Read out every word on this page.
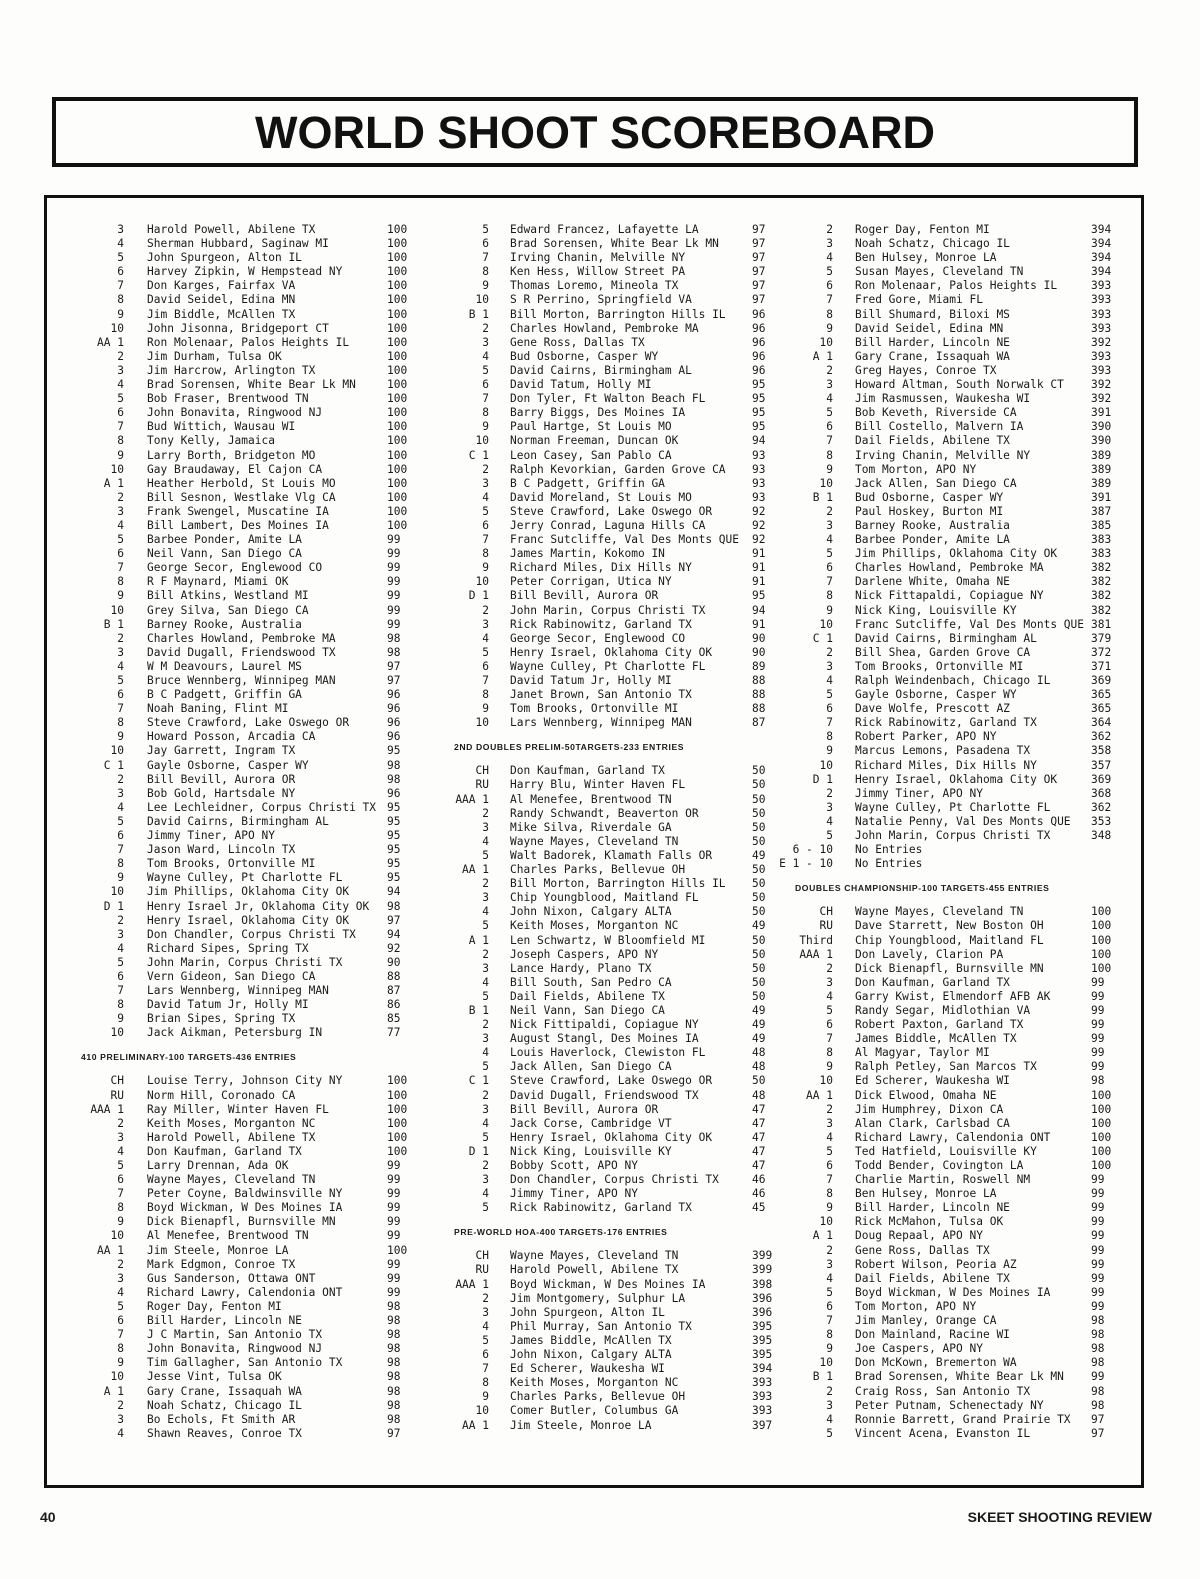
WORLD SHOOT SCOREBOARD
3 Harold Powell, Abilene TX	100
4 Sherman Hubbard, Saginaw MI	100
5 John Spurgeon, Alton IL	100
6 Harvey Zipkin, W Hempstead NY	100
7 Don Karges, Fairfax VA	100
8 David Seidel, Edina MN	100
9 Jim Biddle, McAllen TX	100
10 John Jisonna, Bridgeport CT	100
AA 1 Ron Molenaar, Palos Heights IL	100
2 Jim Durham, Tulsa OK	100
3 Jim Harcrow, Arlington TX	100
4 Brad Sorensen, White Bear Lk MN	100
5 Bob Fraser, Brentwood TN	100
6 John Bonavita, Ringwood NJ	100
7 Bud Wittich, Wausau WI	100
8 Tony Kelly, Jamaica	100
9 Larry Borth, Bridgeton MO	100
10 Gay Braudaway, El Cajon CA	100
A 1 Heather Herbold, St Louis MO	100
2 Bill Sesnon, Westlake Vlg CA	100
3 Frank Swengel, Muscatine IA	100
4 Bill Lambert, Des Moines IA	100
5 Barbee Ponder, Amite LA	99
6 Neil Vann, San Diego CA	99
7 George Secor, Englewood CO	99
8 R F Maynard, Miami OK	99
9 Bill Atkins, Westland MI	99
10 Grey Silva, San Diego CA	99
B 1 Barney Rooke, Australia	99
2 Charles Howland, Pembroke MA	98
3 David Dugall, Friendswood TX	98
4 W M Deavours, Laurel MS	97
5 Bruce Wennberg, Winnipeg MAN	97
6 B C Padgett, Griffin GA	96
7 Noah Baning, Flint MI	96
8 Steve Crawford, Lake Oswego OR	96
9 Howard Posson, Arcadia CA	96
10 Jay Garrett, Ingram TX	95
C 1 Gayle Osborne, Casper WY	98
2 Bill Bevill, Aurora OR	98
3 Bob Gold, Hartsdale NY	96
4 Lee Lechleidner, Corpus Christi TX 95
5 David Cairns, Birmingham AL	95
6 Jimmy Tiner, APO NY	95
7 Jason Ward, Lincoln TX	95
8 Tom Brooks, Ortonville MI	95
9 Wayne Culley, Pt Charlotte FL	95
10 Jim Phillips, Oklahoma City OK	94
D 1 Henry Israel Jr, Oklahoma City OK 98
2 Henry Israel, Oklahoma City OK	97
3 Don Chandler, Corpus Christi TX	94
4 Richard Sipes, Spring TX	92
5 John Marin, Corpus Christi TX	90
6 Vern Gideon, San Diego CA	88
7 Lars Wennberg, Winnipeg MAN	87
8 David Tatum Jr, Holly MI	86
9 Brian Sipes, Spring TX	85
10 Jack Aikman, Petersburg IN	77
410 PRELIMINARY-100 TARGETS-436 ENTRIES
CH Louise Terry, Johnson City NY	100
RU Norm Hill, Coronado CA	100
AAA 1 Ray Miller, Winter Haven FL	100
2 Keith Moses, Morganton NC	100
3 Harold Powell, Abilene TX	100
4 Don Kaufman, Garland TX	100
5 Larry Drennan, Ada OK	99
6 Wayne Mayes, Cleveland TN	99
7 Peter Coyne, Baldwinsville NY	99
8 Boyd Wickman, W Des Moines IA	99
9 Dick Bienapfl, Burnsville MN	99
10 Al Menefee, Brentwood TN	99
AA 1 Jim Steele, Monroe LA	100
2 Mark Edgmon, Conroe TX	99
3 Gus Sanderson, Ottawa ONT	99
4 Richard Lawry, Calendonia ONT	99
5 Roger Day, Fenton MI	98
6 Bill Harder, Lincoln NE	98
7 J C Martin, San Antonio TX	98
8 John Bonavita, Ringwood NJ	98
9 Tim Gallagher, San Antonio TX	98
10 Jesse Vint, Tulsa OK	98
A 1 Gary Crane, Issaquah WA	98
2 Noah Schatz, Chicago IL	98
3 Bo Echols, Ft Smith AR	98
4 Shawn Reaves, Conroe TX	97
5 Edward Francez, Lafayette LA	97
6 Brad Sorensen, White Bear Lk MN	97
7 Irving Chanin, Melville NY	97
8 Ken Hess, Willow Street PA	97
9 Thomas Loremo, Mineola TX	97
10 S R Perrino, Springfield VA	97
B 1 Bill Morton, Barrington Hills IL 96
2 Charles Howland, Pembroke MA	96
3 Gene Ross, Dallas TX	96
4 Bud Osborne, Casper WY	96
5 David Cairns, Birmingham AL	96
6 David Tatum, Holly MI	95
7 Don Tyler, Ft Walton Beach FL	95
8 Barry Biggs, Des Moines IA	95
9 Paul Hartge, St Louis MO	95
10 Norman Freeman, Duncan OK	94
C 1 Leon Casey, San Pablo CA	93
2 Ralph Kevorkian, Garden Grove CA 93
3 B C Padgett, Griffin GA	93
4 David Moreland, St Louis MO	93
5 Steve Crawford, Lake Oswego OR	92
6 Jerry Conrad, Laguna Hills CA	92
7 Franc Sutcliffe, Val Des Monts QUE 92
8 James Martin, Kokomo IN	91
9 Richard Miles, Dix Hills NY	91
10 Peter Corrigan, Utica NY	91
D 1 Bill Bevill, Aurora OR	95
2 John Marin, Corpus Christi TX	94
3 Rick Rabinowitz, Garland TX	91
4 George Secor, Englewood CO	90
5 Henry Israel, Oklahoma City OK	90
6 Wayne Culley, Pt Charlotte FL	89
7 David Tatum Jr, Holly MI	88
8 Janet Brown, San Antonio TX	88
9 Tom Brooks, Ortonville MI	88
10 Lars Wennberg, Winnipeg MAN	87
2ND DOUBLES PRELIM-50TARGETS-233 ENTRIES
CH Don Kaufman, Garland TX	50
RU Harry Blu, Winter Haven FL	50
AAA 1 Al Menefee, Brentwood TN	50
2 Randy Schwandt, Beaverton OR	50
3 Mike Silva, Riverdale GA	50
4 Wayne Mayes, Cleveland TN	50
5 Walt Badorek, Klamath Falls OR	49
AA 1 Charles Parks, Bellevue OH	50
2 Bill Morton, Barrington Hills IL 50
3 Chip Youngblood, Maitland FL	50
4 John Nixon, Calgary ALTA	50
5 Keith Moses, Morganton NC	49
A 1 Len Schwartz, W Bloomfield MI	50
2 Joseph Caspers, APO NY	50
3 Lance Hardy, Plano TX	50
4 Bill South, San Pedro CA	50
5 Dail Fields, Abilene TX	50
B 1 Neil Vann, San Diego CA	49
2 Nick Fittipaldi, Copiague NY	49
3 August Stangl, Des Moines IA	49
4 Louis Haverlock, Clewiston FL	48
5 Jack Allen, San Diego CA	48
C 1 Steve Crawford, Lake Oswego OR	50
2 David Dugall, Friendswood TX	48
3 Bill Bevill, Aurora OR	47
4 Jack Corse, Cambridge VT	47
5 Henry Israel, Oklahoma City OK	47
D 1 Nick King, Louisville KY	47
2 Bobby Scott, APO NY	47
3 Don Chandler, Corpus Christi TX	46
4 Jimmy Tiner, APO NY	46
5 Rick Rabinowitz, Garland TX	45
PRE-WORLD HOA-400 TARGETS-176 ENTRIES
CH Wayne Mayes, Cleveland TN	399
RU Harold Powell, Abilene TX	399
AAA 1 Boyd Wickman, W Des Moines IA	398
2 Jim Montgomery, Sulphur LA	396
3 John Spurgeon, Alton IL	396
4 Phil Murray, San Antonio TX	395
5 James Biddle, McAllen TX	395
6 John Nixon, Calgary ALTA	395
7 Ed Scherer, Waukesha WI	394
8 Keith Moses, Morganton NC	393
9 Charles Parks, Bellevue OH	393
10 Comer Butler, Columbus GA	393
AA 1 Jim Steele, Monroe LA	397
2 Roger Day, Fenton MI	394
3 Noah Schatz, Chicago IL	394
4 Ben Hulsey, Monroe LA	394
5 Susan Mayes, Cleveland TN	394
6 Ron Molenaar, Palos Heights IL	393
7 Fred Gore, Miami FL	393
8 Bill Shumard, Biloxi MS	393
9 David Seidel, Edina MN	393
10 Bill Harder, Lincoln NE	392
A 1 Gary Crane, Issaquah WA	393
2 Greg Hayes, Conroe TX	393
3 Howard Altman, South Norwalk CT 392
4 Jim Rasmussen, Waukesha WI	392
5 Bob Keveth, Riverside CA	391
6 Bill Costello, Malvern IA	390
7 Dail Fields, Abilene TX	390
8 Irving Chanin, Melville NY	389
9 Tom Morton, APO NY	389
10 Jack Allen, San Diego CA	389
B 1 Bud Osborne, Casper WY	391
2 Paul Hoskey, Burton MI	387
3 Barney Rooke, Australia	385
4 Barbee Ponder, Amite LA	383
5 Jim Phillips, Oklahoma City OK	383
6 Charles Howland, Pembroke MA	382
7 Darlene White, Omaha NE	382
8 Nick Fittapaldi, Copiague NY	382
9 Nick King, Louisville KY	382
10 Franc Sutcliffe, Val Des Monts QUE 381
C 1 David Cairns, Birmingham AL	379
2 Bill Shea, Garden Grove CA	372
3 Tom Brooks, Ortonville MI	371
4 Ralph Weindenbach, Chicago IL	369
5 Gayle Osborne, Casper WY	365
6 Dave Wolfe, Prescott AZ	365
7 Rick Rabinowitz, Garland TX	364
8 Robert Parker, APO NY	362
9 Marcus Lemons, Pasadena TX	358
10 Richard Miles, Dix Hills NY	357
D 1 Henry Israel, Oklahoma City OK	369
2 Jimmy Tiner, APO NY	368
3 Wayne Culley, Pt Charlotte FL	362
4 Natalie Penny, Val Des Monts QUE 353
5 John Marin, Corpus Christi TX	348
6 - 10 No Entries
E 1 - 10 No Entries
DOUBLES CHAMPIONSHIP-100 TARGETS-455 ENTRIES
CH Wayne Mayes, Cleveland TN	100
RU Dave Starrett, New Boston OH	100
Third Chip Youngblood, Maitland FL	100
AAA 1 Don Lavely, Clarion PA	100
2 Dick Bienapfl, Burnsville MN	100
3 Don Kaufman, Garland TX	99
4 Garry Kwist, Elmendorf AFB AK	99
5 Randy Segar, Midlothian VA	99
6 Robert Paxton, Garland TX	99
7 James Biddle, McAllen TX	99
8 Al Magyar, Taylor MI	99
9 Ralph Petley, San Marcos TX	99
10 Ed Scherer, Waukesha WI	98
AA 1 Dick Elwood, Omaha NE	100
2 Jim Humphrey, Dixon CA	100
3 Alan Clark, Carlsbad CA	100
4 Richard Lawry, Calendonia ONT	100
5 Ted Hatfield, Louisville KY	100
6 Todd Bender, Covington LA	100
7 Charlie Martin, Roswell NM	99
8 Ben Hulsey, Monroe LA	99
9 Bill Harder, Lincoln NE	99
10 Rick McMahon, Tulsa OK	99
A 1 Doug Repaal, APO NY	99
2 Gene Ross, Dallas TX	99
3 Robert Wilson, Peoria AZ	99
4 Dail Fields, Abilene TX	99
5 Boyd Wickman, W Des Moines IA	99
6 Tom Morton, APO NY	99
7 Jim Manley, Orange CA	98
8 Don Mainland, Racine WI	98
9 Joe Caspers, APO NY	98
10 Don McKown, Bremerton WA	98
B 1 Brad Sorensen, White Bear Lk MN 99
2 Craig Ross, San Antonio TX	98
3 Peter Putnam, Schenectady NY	98
4 Ronnie Barrett, Grand Prairie TX 97
5 Vincent Acena, Evanston IL	97
40	SKEET SHOOTING REVIEW
